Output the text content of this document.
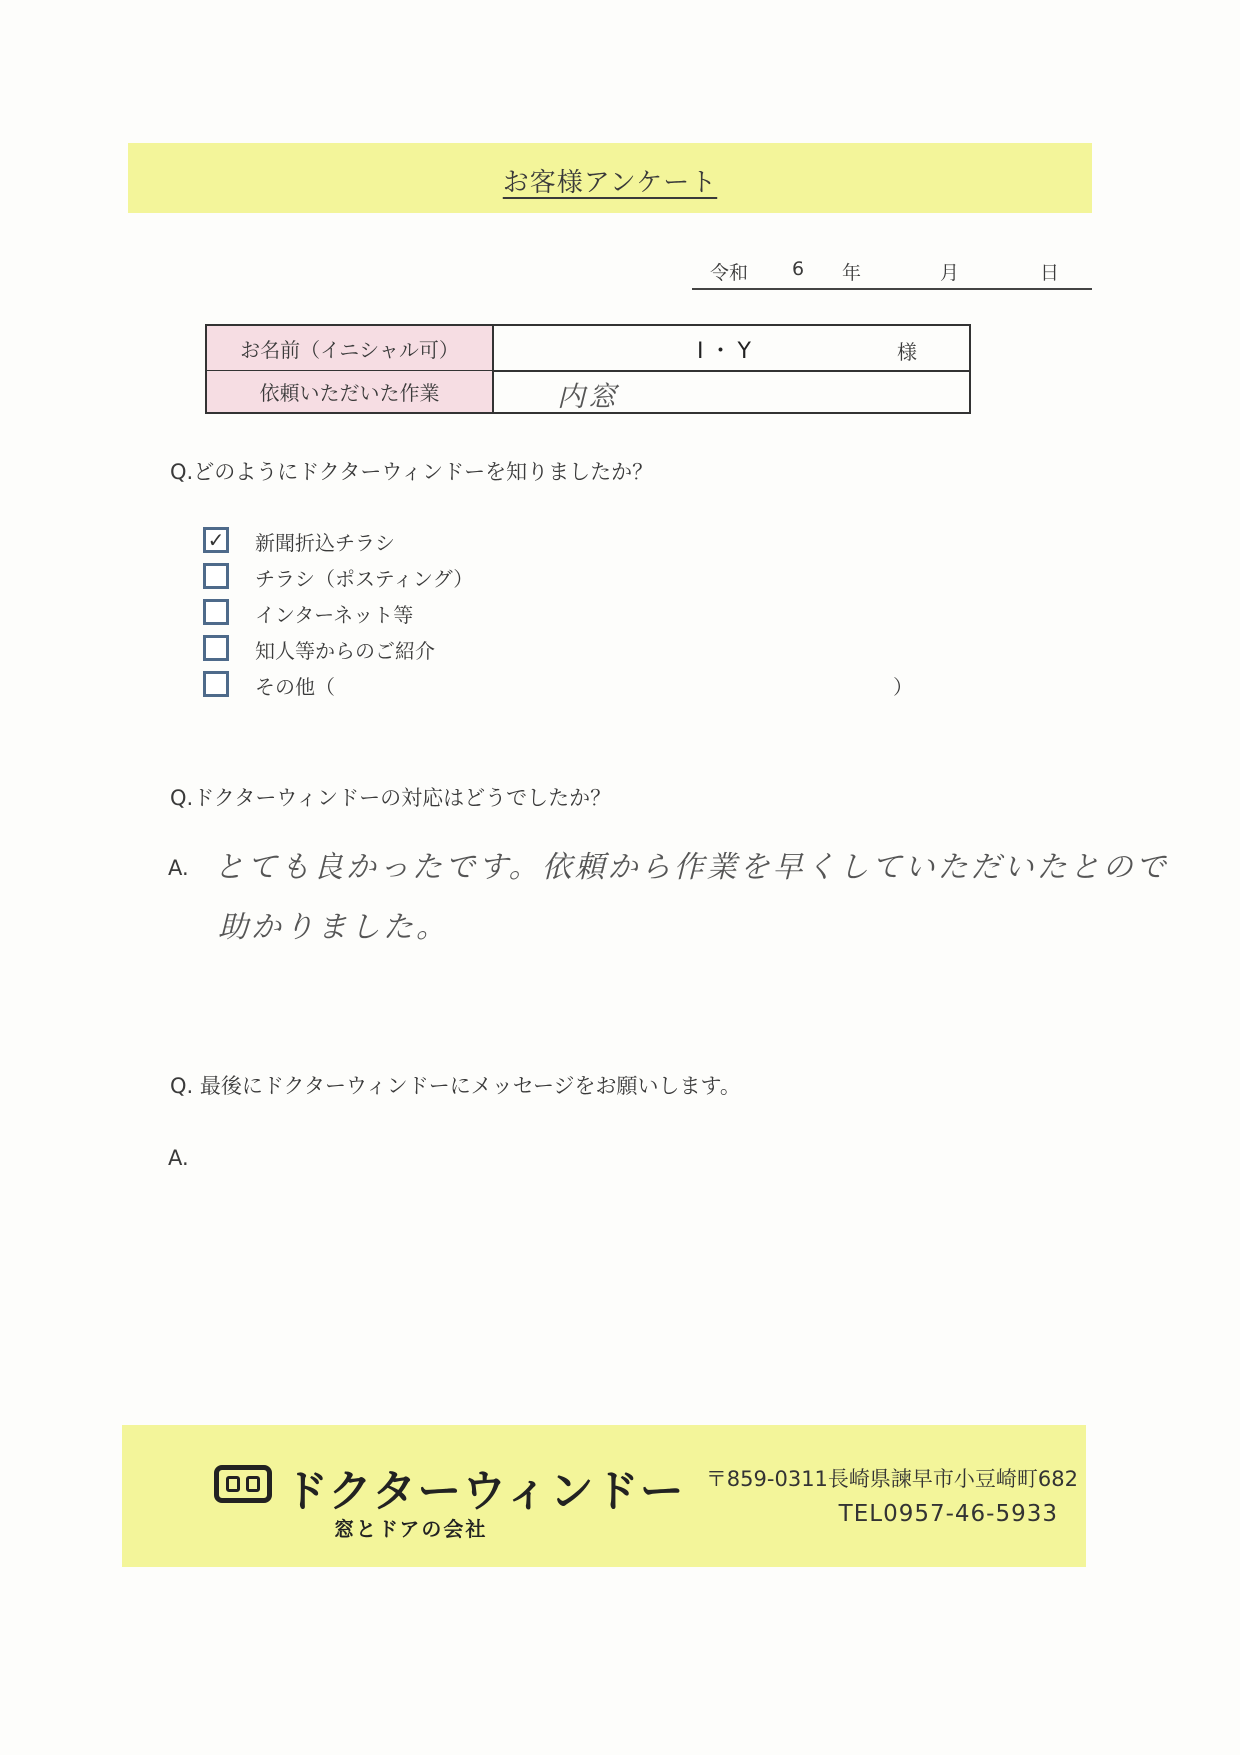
お客様アンケート
令和 6 年	月	日
お名前（イニシャル可）	I・Y	様
依頼いただいた作業	内窓
Q.どのようにドクターウィンドーを知りましたか？
✓ 新聞折込チラシ
チラシ（ポスティング）
インターネット等
知人等からのご紹介
その他（	）
Q.ドクターウィンドーの対応はどうでしたか？
A. とても良かったです。依頼から作業を早くしていただいたとので
助かりました。
Q. 最後にドクターウィンドーにメッセージをお願いします。
A.
ドクターウィンドー
窓とドアの会社
〒859-0311長崎県諫早市小豆崎町682
TEL0957-46-5933
